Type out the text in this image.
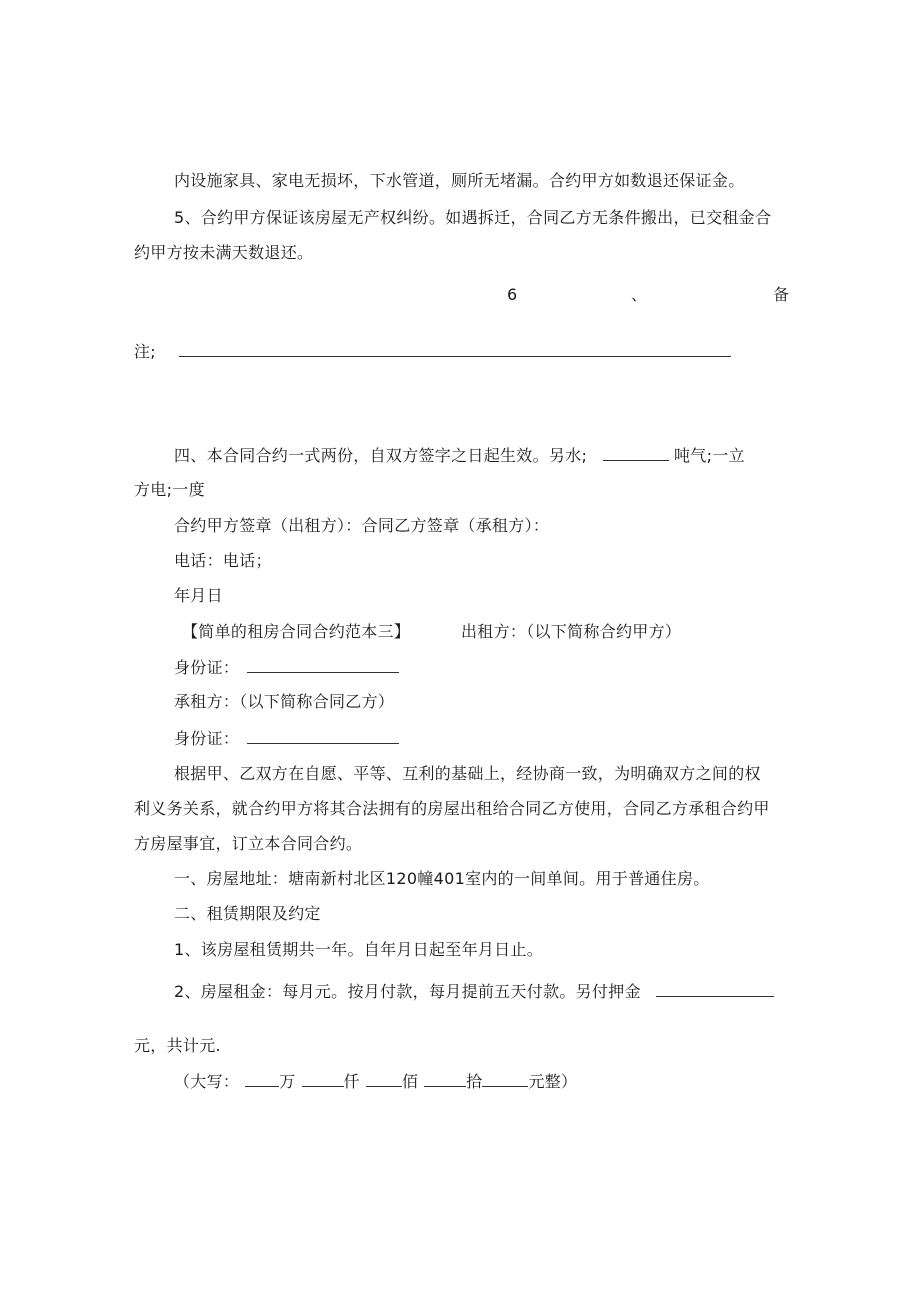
内设施家具、家电无损坏，下水管道，厕所无堵漏。合约甲方如数退还保证金。
5、合约甲方保证该房屋无产权纠纷。如遇拆迁，合同乙方无条件搬出，已交租金合
约甲方按未满天数退还。
6	、	备
注;
四、本合同合约一式两份，自双方签字之日起生效。另水;	吨气;一立
方电;一度
合约甲方签章（出租方）：合同乙方签章（承租方）：
电话：电话；
年月日
【简单的租房合同合约范本三】	出租方：（以下简称合约甲方）
身份证：
承租方：（以下简称合同乙方）
身份证：
根据甲、乙双方在自愿、平等、互利的基础上，经协商一致，为明确双方之间的权
利义务关系，就合约甲方将其合法拥有的房屋出租给合同乙方使用，合同乙方承租合约甲
方房屋事宜，订立本合同合约。
一、房屋地址：塘南新村北区120幢401室内的一间单间。用于普通住房。
二、租赁期限及约定
1、该房屋租赁期共一年。自年月日起至年月日止。
2、房屋租金：每月元。按月付款，每月提前五天付款。另付押金
元，共计元.
（大写：	万	仟	佰	拾	元整）
